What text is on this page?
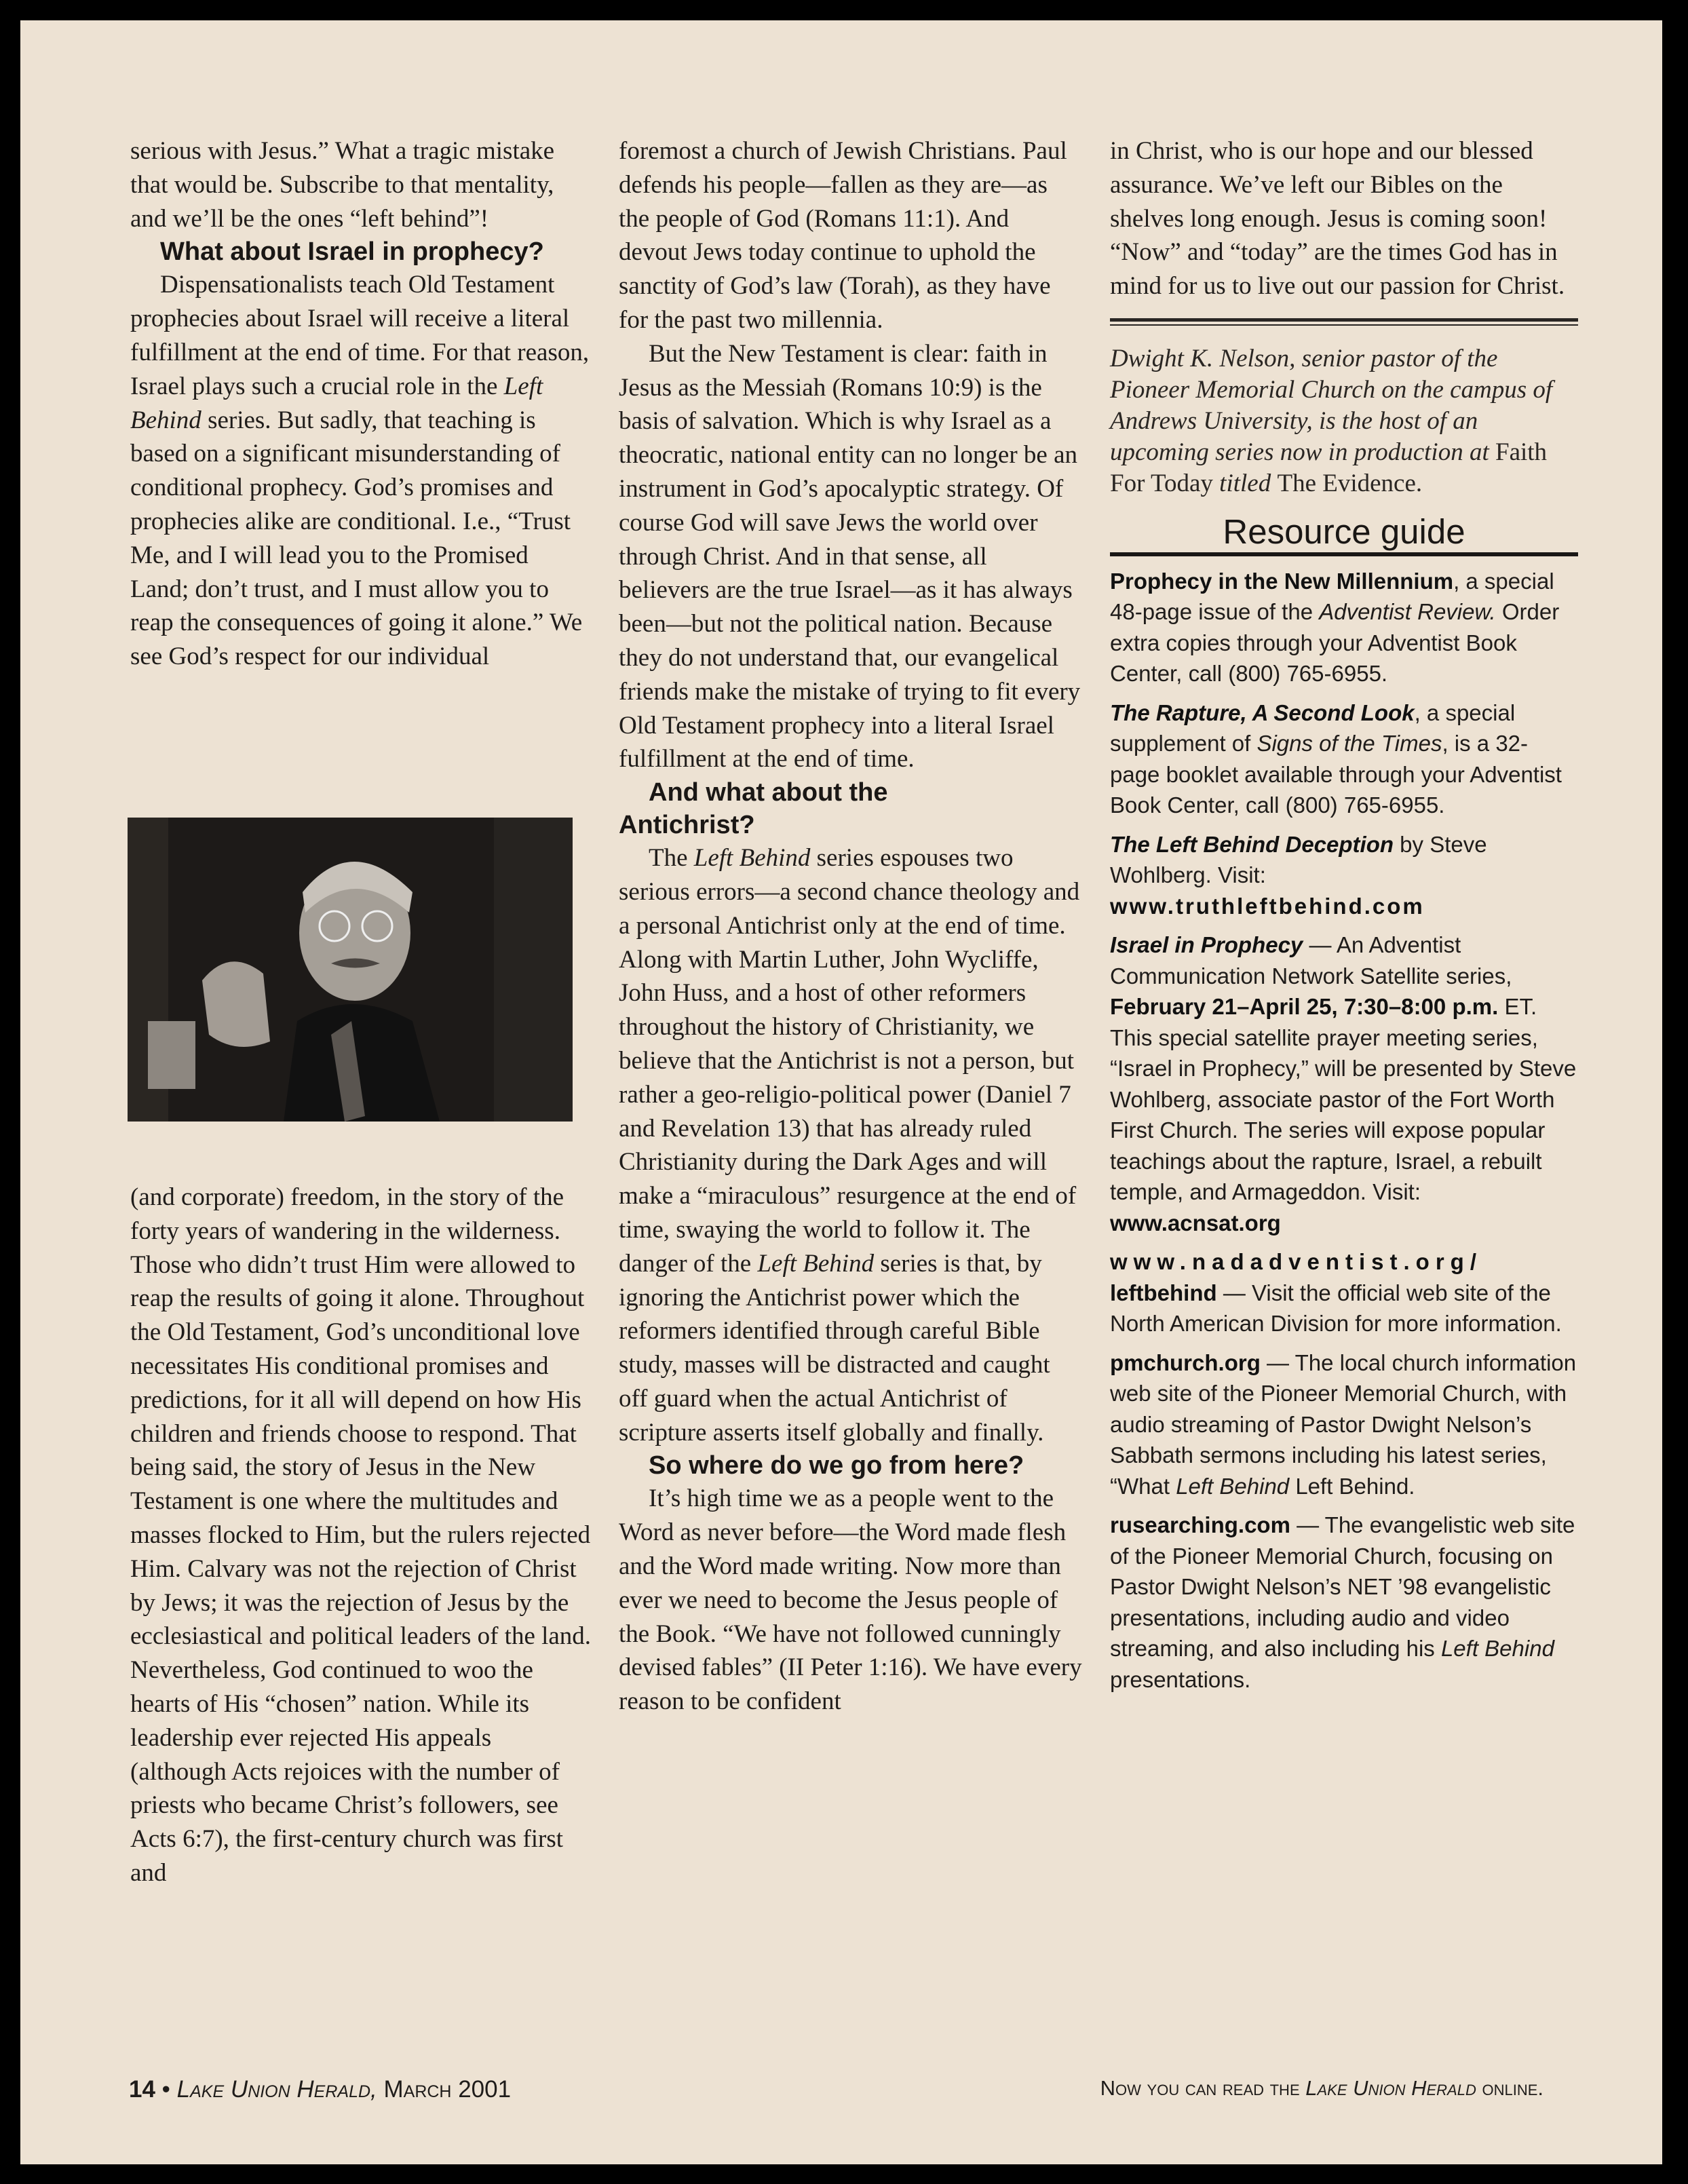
serious with Jesus.” What a tragic mistake that would be. Subscribe to that mentality, and we’ll be the ones “left behind”!

What about Israel in prophecy?

Dispensationalists teach Old Testament prophecies about Israel will receive a literal fulfillment at the end of time. For that reason, Israel plays such a crucial role in the Left Behind series. But sadly, that teaching is based on a significant misunderstanding of conditional prophecy. God’s promises and prophecies alike are conditional. I.e., “Trust Me, and I will lead you to the Promised Land; don’t trust, and I must allow you to reap the consequences of going it alone.” We see God’s respect for our individual

(and corporate) freedom, in the story of the forty years of wandering in the wilderness. Those who didn’t trust Him were allowed to reap the results of going it alone. Throughout the Old Testament, God’s unconditional love necessitates His conditional promises and predictions, for it all will depend on how His children and friends choose to respond. That being said, the story of Jesus in the New Testament is one where the multitudes and masses flocked to Him, but the rulers rejected Him. Calvary was not the rejection of Christ by Jews; it was the rejection of Jesus by the ecclesiastical and political leaders of the land. Nevertheless, God continued to woo the hearts of His “chosen” nation. While its leadership ever rejected His appeals (although Acts rejoices with the number of priests who became Christ’s followers, see Acts 6:7), the first-century church was first and

foremost a church of Jewish Christians. Paul defends his people—fallen as they are—as the people of God (Romans 11:1). And devout Jews today continue to uphold the sanctity of God’s law (Torah), as they have for the past two millennia.

But the New Testament is clear: faith in Jesus as the Messiah (Romans 10:9) is the basis of salvation. Which is why Israel as a theocratic, national entity can no longer be an instrument in God’s apocalyptic strategy. Of course God will save Jews the world over through Christ. And in that sense, all believers are the true Israel—as it has always been—but not the political nation. Because they do not understand that, our evangelical friends make the mistake of trying to fit every Old Testament prophecy into a literal Israel fulfillment at the end of time.

And what about the
Antichrist?

The Left Behind series espouses two serious errors—a second chance theology and a personal Antichrist only at the end of time. Along with Martin Luther, John Wycliffe, John Huss, and a host of other reformers throughout the history of Christianity, we believe that the Antichrist is not a person, but rather a geo-religio-political power (Daniel 7 and Revelation 13) that has already ruled Christianity during the Dark Ages and will make a “miraculous” resurgence at the end of time, swaying the world to follow it. The danger of the Left Behind series is that, by ignoring the Antichrist power which the reformers identified through careful Bible study, masses will be distracted and caught off guard when the actual Antichrist of scripture asserts itself globally and finally.

So where do we go from here?

It’s high time we as a people went to the Word as never before—the Word made flesh and the Word made writing. Now more than ever we need to become the Jesus people of the Book. “We have not followed cunningly devised fables” (II Peter 1:16). We have every reason to be confident

in Christ, who is our hope and our blessed assurance. We’ve left our Bibles on the shelves long enough. Jesus is coming soon! “Now” and “today” are the times God has in mind for us to live out our passion for Christ.

Dwight K. Nelson, senior pastor of the Pioneer Memorial Church on the campus of Andrews University, is the host of an upcoming series now in production at Faith For Today titled The Evidence.

Resource guide

Prophecy in the New Millennium, a special 48-page issue of the Adventist Review. Order extra copies through your Adventist Book Center, call (800) 765-6955.

The Rapture, A Second Look, a special supplement of Signs of the Times, is a 32- page booklet available through your Adventist Book Center, call (800) 765-6955.

The Left Behind Deception by Steve Wohlberg. Visit: www.truthleftbehind.com

Israel in Prophecy — An Adventist Communication Network Satellite series, February 21–April 25, 7:30–8:00 p.m. ET. This special satellite prayer meeting series, “Israel in Prophecy,” will be presented by Steve Wohlberg, associate pastor of the Fort Worth First Church. The series will expose popular teachings about the rapture, Israel, a rebuilt temple, and Armageddon. Visit: www.acnsat.org

www.nadadventist.org/
leftbehind — Visit the official web site of the North American Division for more information.

pmchurch.org — The local church information web site of the Pioneer Memorial Church, with audio streaming of Pastor Dwight Nelson’s Sabbath sermons including his latest series, “What Left Behind Left Behind.

rusearching.com — The evangelistic web site of the Pioneer Memorial Church, focusing on Pastor Dwight Nelson’s NET ’98 evangelistic presentations, including audio and video streaming, and also including his Left Behind presentations.

14 • Lake Union Herald, March 2001	Now you can read the Lake Union Herald online.
